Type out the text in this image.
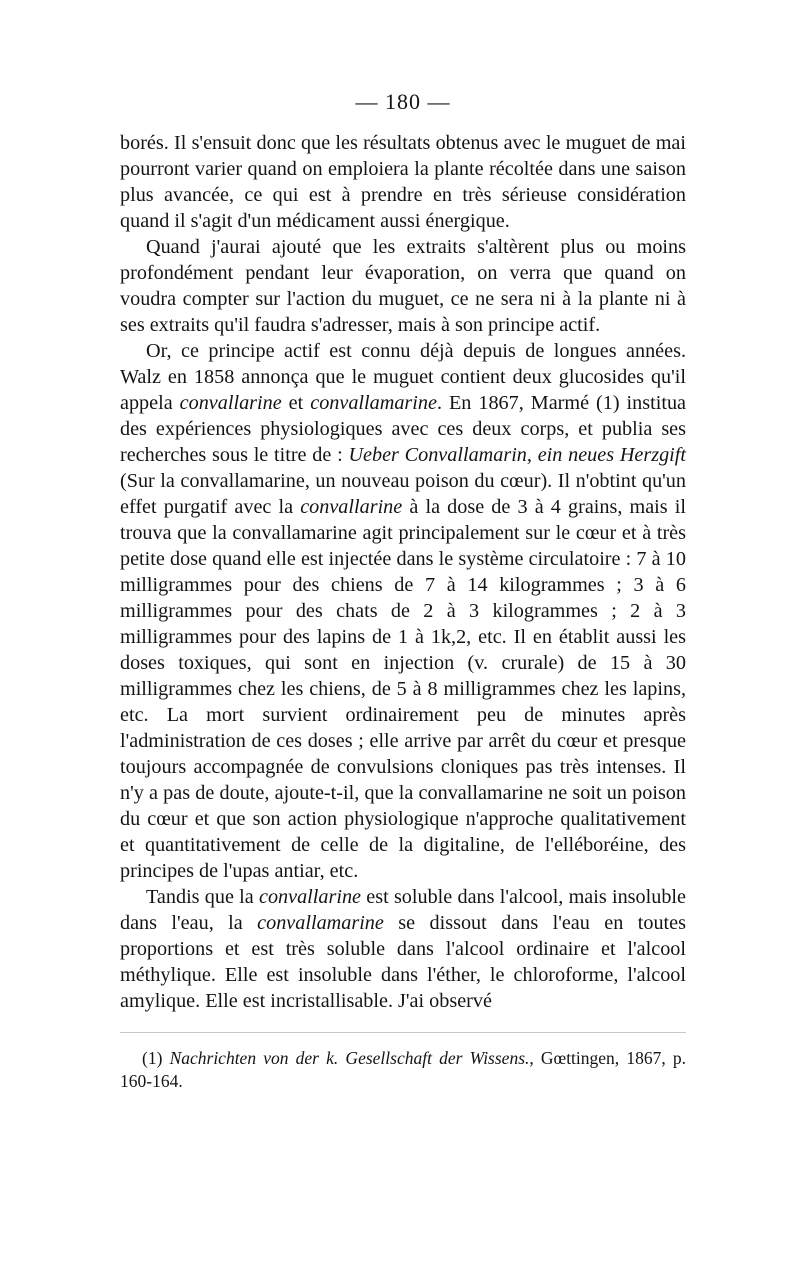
— 180 —

borés. Il s'ensuit donc que les résultats obtenus avec le muguet de mai pourront varier quand on emploiera la plante récoltée dans une saison plus avancée, ce qui est à prendre en très sérieuse considération quand il s'agit d'un médicament aussi énergique.

Quand j'aurai ajouté que les extraits s'altèrent plus ou moins profondément pendant leur évaporation, on verra que quand on voudra compter sur l'action du muguet, ce ne sera ni à la plante ni à ses extraits qu'il faudra s'adresser, mais à son principe actif.

Or, ce principe actif est connu déjà depuis de longues années. Walz en 1858 annonça que le muguet contient deux glucosides qu'il appela convallarine et convallamarine. En 1867, Marmé (1) institua des expériences physiologiques avec ces deux corps, et publia ses recherches sous le titre de : Ueber Convallamarin, ein neues Herzgift (Sur la convallamarine, un nouveau poison du cœur). Il n'obtint qu'un effet purgatif avec la convallarine à la dose de 3 à 4 grains, mais il trouva que la convallamarine agit principalement sur le cœur et à très petite dose quand elle est injectée dans le système circulatoire : 7 à 10 milligrammes pour des chiens de 7 à 14 kilogrammes ; 3 à 6 milligrammes pour des chats de 2 à 3 kilogrammes ; 2 à 3 milligrammes pour des lapins de 1 à 1k,2, etc. Il en établit aussi les doses toxiques, qui sont en injection (v. crurale) de 15 à 30 milligrammes chez les chiens, de 5 à 8 milligrammes chez les lapins, etc. La mort survient ordinairement peu de minutes après l'administration de ces doses ; elle arrive par arrêt du cœur et presque toujours accompagnée de convulsions cloniques pas très intenses. Il n'y a pas de doute, ajoute-t-il, que la convallamarine ne soit un poison du cœur et que son action physiologique n'approche qualitativement et quantitativement de celle de la digitaline, de l'elléboréine, des principes de l'upas antiar, etc.

Tandis que la convallarine est soluble dans l'alcool, mais insoluble dans l'eau, la convallamarine se dissout dans l'eau en toutes proportions et est très soluble dans l'alcool ordinaire et l'alcool méthylique. Elle est insoluble dans l'éther, le chloroforme, l'alcool amylique. Elle est incristallisable. J'ai observé

(1) Nachrichten von der k. Gesellschaft der Wissens., Gœttingen, 1867, p. 160-164.
